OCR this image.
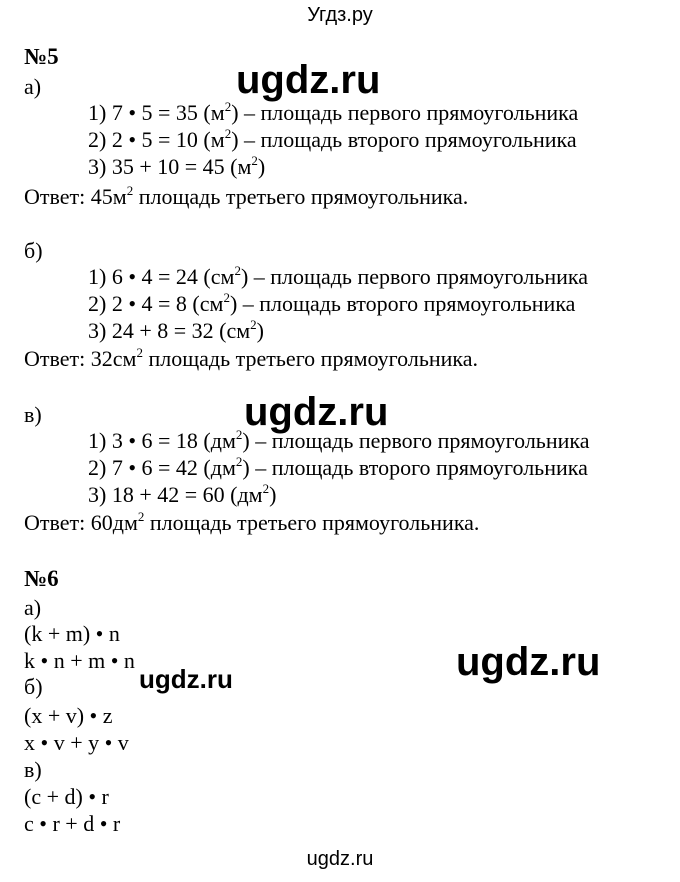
Угдз.ру
№5
а)
1) 7 • 5 = 35 $(м^2)$ – площадь первого прямоугольника
2) 2 • 5 = 10 $(м^2)$ – площадь второго прямоугольника
3) 35 + 10 = 45 $(м^2)$
Ответ: $45м^2$ площадь третьего прямоугольника.
б)
1) 6 • 4 = 24 $(см^2)$ – площадь первого прямоугольника
2) 2 • 4 = 8 $(см^2)$ – площадь второго прямоугольника
3) 24 + 8 = 32 $(см^2)$
Ответ: $32см^2$ площадь третьего прямоугольника.
в)
1) 3 • 6 = 18 $(дм^2)$ – площадь первого прямоугольника
2) 7 • 6 = 42 $(дм^2)$ – площадь второго прямоугольника
3) 18 + 42 = 60 $(дм^2)$
Ответ: $60дм^2$ площадь третьего прямоугольника.
№6
а)
(k + m) • n
k • n + m • n
б)
(x + v) • z
x • v + y • v
в)
(c + d) • r
c • r + d • r
ugdz.ru
ugdz.ru
ugdz.ru
ugdz.ru
ugdz.ru
